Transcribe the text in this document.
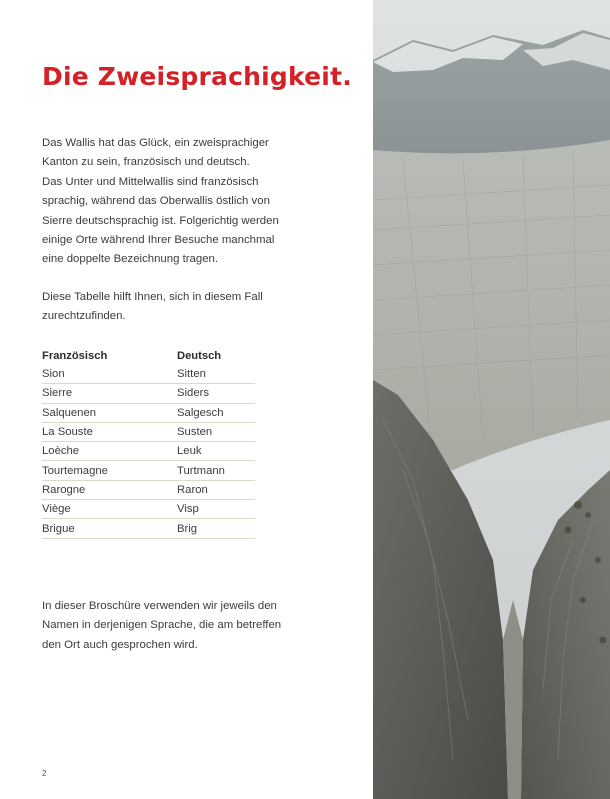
Die Zweisprachigkeit.

Das Wallis hat das Glück, ein zweisprachiger
Kanton zu sein, französisch und deutsch.
Das Unter und Mittelwallis sind französisch
sprachig, während das Oberwallis östlich von
Sierre deutschsprachig ist. Folgerichtig werden
einige Orte während Ihrer Besuche manchmal
eine doppelte Bezeichnung tragen.

Diese Tabelle hilft Ihnen, sich in diesem Fall
zurechtzufinden.

Französisch	Deutsch
Sion	Sitten
Sierre	Siders
Salquenen	Salgesch
La Souste	Susten
Loèche	Leuk
Tourtemagne	Turtmann
Rarogne	Raron
Viège	Visp
Brigue	Brig

In dieser Broschüre verwenden wir jeweils den
Namen in derjenigen Sprache, die am betreffen
den Ort auch gesprochen wird.

2
